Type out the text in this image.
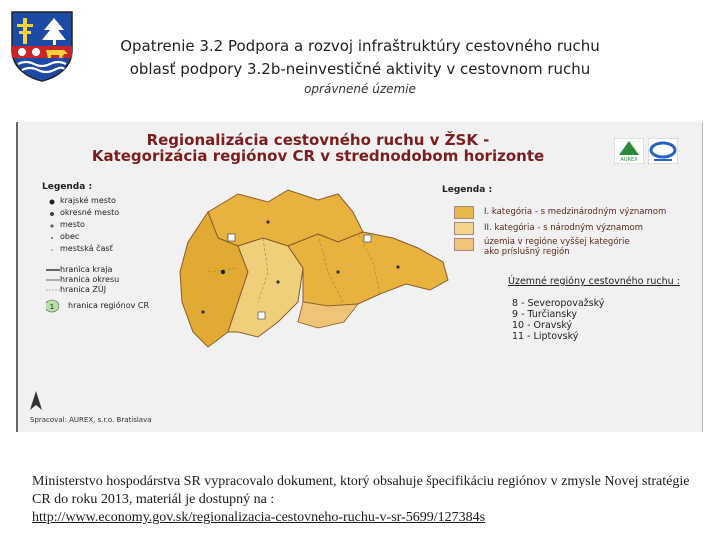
Opatrenie 3.2 Podpora a rozvoj infraštruktúry cestovného ruchu
oblasť podpory 3.2b-neinvestičné aktivity v cestovnom ruchu
oprávnené územie
Regionalizácia cestovného ruchu v ŽSK -
Kategorizácia regiónov CR v strednodobom horizonte	AUREX
Legenda :
1
krajské mesto
okresné mesto
mesto
obec
mestská časť
hranica kraja
hranica okresu
hranica ZÚJ
hranica regiónov CR
Legenda :
I. kategória - s medzinárodným významom
II. kategória - s národným významom
územia v regióne vyššej kategórie
ako príslušný región
Územné regióny cestovného ruchu :
8 - Severopovažský
9 - Turčiansky
10 - Oravský
11 - Liptovský
Spracoval: AUREX, s.r.o. Bratislava
Ministerstvo hospodárstva SR vypracovalo dokument, ktorý obsahuje špecifikáciu regiónov v zmysle Novej stratégie CR do roku 2013, materiál je dostupný na :
http://www.economy.gov.sk/regionalizacia-cestovneho-ruchu-v-sr-5699/127384s
